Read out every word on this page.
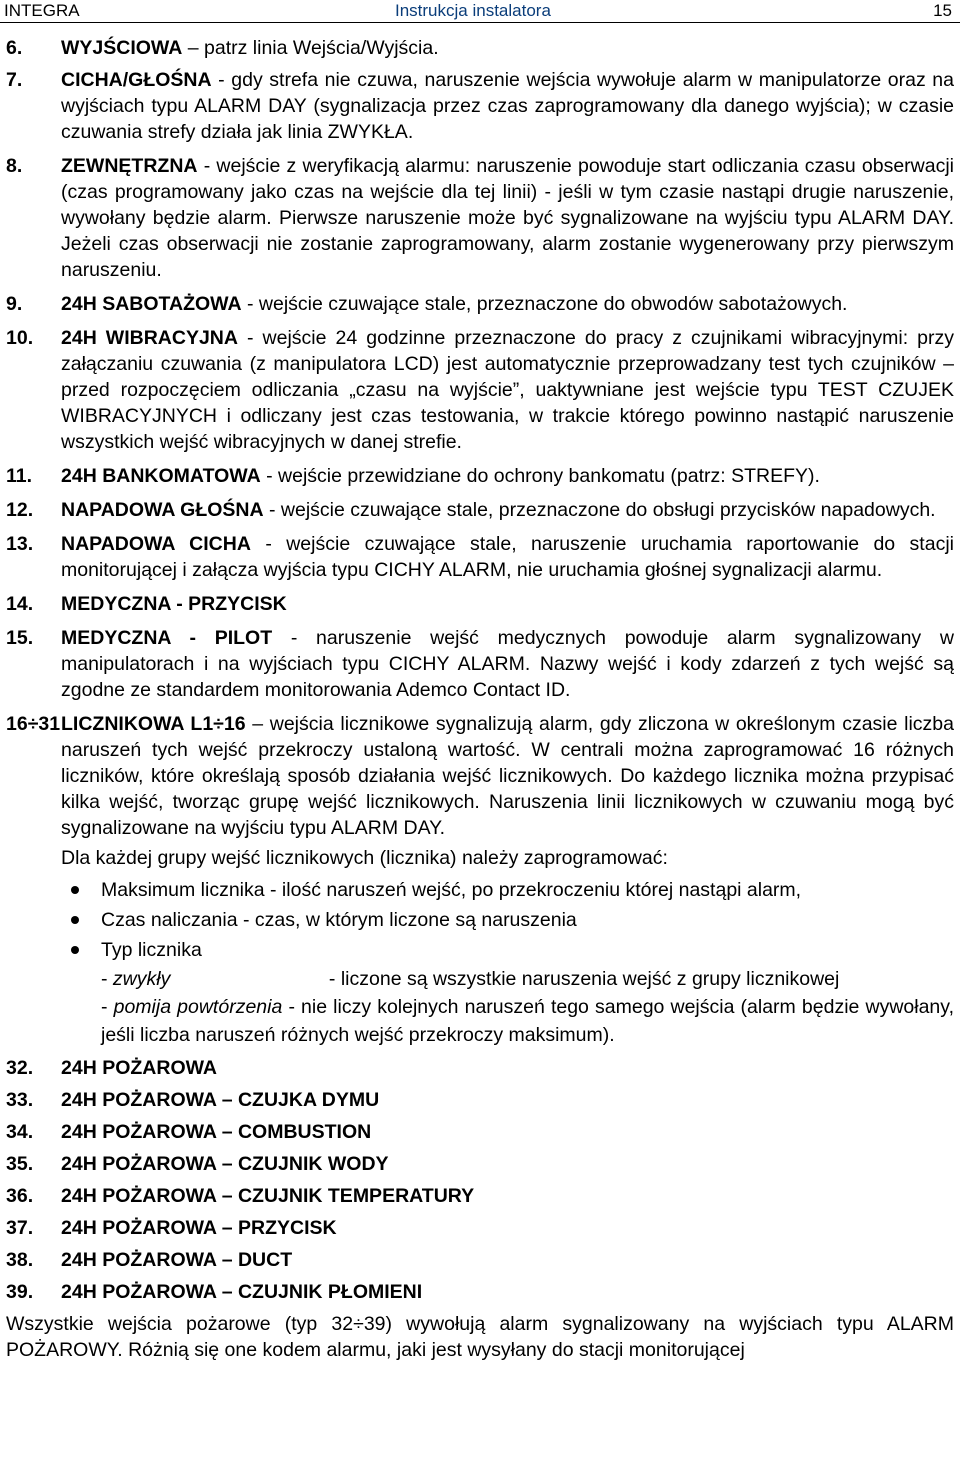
INTEGRA	Instrukcja instalatora	15
6. WYJŚCIOWA – patrz linia Wejścia/Wyjścia.
7. CICHA/GŁOŚNA - gdy strefa nie czuwa, naruszenie wejścia wywołuje alarm w manipulatorze oraz na wyjściach typu ALARM DAY (sygnalizacja przez czas zaprogramowany dla danego wyjścia); w czasie czuwania strefy działa jak linia ZWYKŁA.
8. ZEWNĘTRZNA - wejście z weryfikacją alarmu: naruszenie powoduje start odliczania czasu obserwacji (czas programowany jako czas na wejście dla tej linii) - jeśli w tym czasie nastąpi drugie naruszenie, wywołany będzie alarm. Pierwsze naruszenie może być sygnalizowane na wyjściu typu ALARM DAY. Jeżeli czas obserwacji nie zostanie zaprogramowany, alarm zostanie wygenerowany przy pierwszym naruszeniu.
9. 24H SABOTAŻOWA - wejście czuwające stale, przeznaczone do obwodów sabotażowych.
10. 24H WIBRACYJNA - wejście 24 godzinne przeznaczone do pracy z czujnikami wibracyjnymi: przy załączaniu czuwania (z manipulatora LCD) jest automatycznie przeprowadzany test tych czujników – przed rozpoczęciem odliczania „czasu na wyjście”, uaktywniane jest wejście typu TEST CZUJEK WIBRACYJNYCH i odliczany jest czas testowania, w trakcie którego powinno nastąpić naruszenie wszystkich wejść wibracyjnych w danej strefie.
11. 24H BANKOMATOWA - wejście przewidziane do ochrony bankomatu (patrz: STREFY).
12. NAPADOWA GŁOŚNA - wejście czuwające stale, przeznaczone do obsługi przycisków napadowych.
13. NAPADOWA CICHA - wejście czuwające stale, naruszenie uruchamia raportowanie do stacji monitorującej i załącza wyjścia typu CICHY ALARM, nie uruchamia głośnej sygnalizacji alarmu.
14. MEDYCZNA - PRZYCISK
15. MEDYCZNA - PILOT - naruszenie wejść medycznych powoduje alarm sygnalizowany w manipulatorach i na wyjściach typu CICHY ALARM. Nazwy wejść i kody zdarzeń z tych wejść są zgodne ze standardem monitorowania Ademco Contact ID.
16÷31 LICZNIKOWA L1÷16 – wejścia licznikowe sygnalizują alarm, gdy zliczona w określonym czasie liczba naruszeń tych wejść przekroczy ustaloną wartość. W centrali można zaprogramować 16 różnych liczników, które określają sposób działania wejść licznikowych. Do każdego licznika można przypisać kilka wejść, tworząc grupę wejść licznikowych. Naruszenia linii licznikowych w czuwaniu mogą być sygnalizowane na wyjściu typu ALARM DAY.
Dla każdej grupy wejść licznikowych (licznika) należy zaprogramować:
Maksimum licznika - ilość naruszeń wejść, po przekroczeniu której nastąpi alarm,
Czas naliczania - czas, w którym liczone są naruszenia
Typ licznika
- zwykły	- liczone są wszystkie naruszenia wejść z grupy licznikowej
- pomija powtórzenia - nie liczy kolejnych naruszeń tego samego wejścia (alarm będzie wywołany, jeśli liczba naruszeń różnych wejść przekroczy maksimum).
32. 24H POŻAROWA
33. 24H POŻAROWA – CZUJKA DYMU
34. 24H POŻAROWA – COMBUSTION
35. 24H POŻAROWA – CZUJNIK WODY
36. 24H POŻAROWA – CZUJNIK TEMPERATURY
37. 24H POŻAROWA – PRZYCISK
38. 24H POŻAROWA – DUCT
39. 24H POŻAROWA – CZUJNIK PŁOMIENI
Wszystkie wejścia pożarowe (typ 32÷39) wywołują alarm sygnalizowany na wyjściach typu ALARM POŻAROWY. Różnią się one kodem alarmu, jaki jest wysyłany do stacji monitorującej
